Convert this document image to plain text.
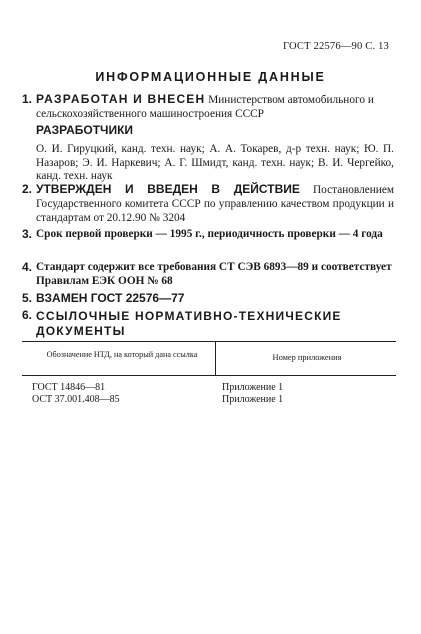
ГОСТ 22576—90 С. 13
ИНФОРМАЦИОННЫЕ ДАННЫЕ
1. РАЗРАБОТАН И ВНЕСЕН Министерством автомобильного и сельскохозяйственного машиностроения СССР
РАЗРАБОТЧИКИ
О. И. Гируцкий, канд. техн. наук; А. А. Токарев, д-р техн. наук; Ю. П. Назаров; Э. И. Наркевич; А. Г. Шмидт, канд. техн. наук; В. И. Чергейко, канд. техн. наук
2. УТВЕРЖДЕН И ВВЕДЕН В ДЕЙСТВИЕ Постановлением Государственного комитета СССР по управлению качеством продукции и стандартам от 20.12.90 № 3204
3. Срок первой проверки — 1995 г., периодичность проверки — 4 года
4. Стандарт содержит все требования СТ СЭВ 6893—89 и соответствует Правилам ЕЭК ООН № 68
5. ВЗАМЕН ГОСТ 22576—77
6. ССЫЛОЧНЫЕ НОРМАТИВНО-ТЕХНИЧЕСКИЕ ДОКУМЕНТЫ
Обозначение НТД, на который дана ссылка	Номер приложения
ГОСТ 14846—81	Приложение 1
ОСТ 37.001.408—85	Приложение 1
